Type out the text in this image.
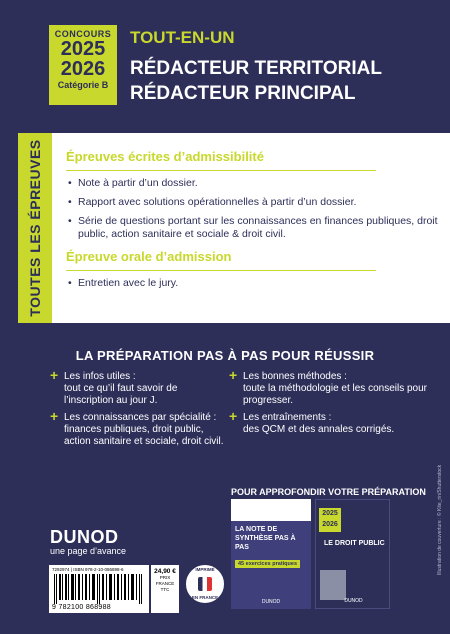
CONCOURS
2025
2026
Catégorie B
TOUT-EN-UN
RÉDACTEUR TERRITORIAL
RÉDACTEUR PRINCIPAL
TOUTES LES ÉPREUVES Épreuves écrites d’admissibilité
• Note à partir d’un dossier.
• Rapport avec solutions opérationnelles à partir d’un dossier.
• Série de questions portant sur les connaissances en finances publiques, droit public, action sanitaire et sociale & droit civil.
Épreuve orale d’admission
• Entretien avec le jury.
LA PRÉPARATION PAS À PAS POUR RÉUSSIR
+ Les infos utiles :
tout ce qu’il faut savoir de l’inscription au jour J.
+ Les connaissances par spécialité :
finances publiques, droit public, action sanitaire et sociale, droit civil.
+ Les bonnes méthodes :
toute la méthodologie et les conseils pour progresser.
+ Les entraînements :
des QCM et des annales corrigés.
POUR APPROFONDIR VOTRE PRÉPARATION
LA NOTE DE SYNTHÈSE PAS À PAS
45 exercices pratiques
DUNOD
2025 2026
LE DROIT PUBLIC
DUNOD
DUNOD
une page d’avance
7292974 | ISBN 978-2-10-086898-6
9 782100 868988
24,90 €
PRIX FRANCE TTC
IMPRIMÉ
EN FRANCE
Illustration de couverture : © Kite_rin/Shutterstock
